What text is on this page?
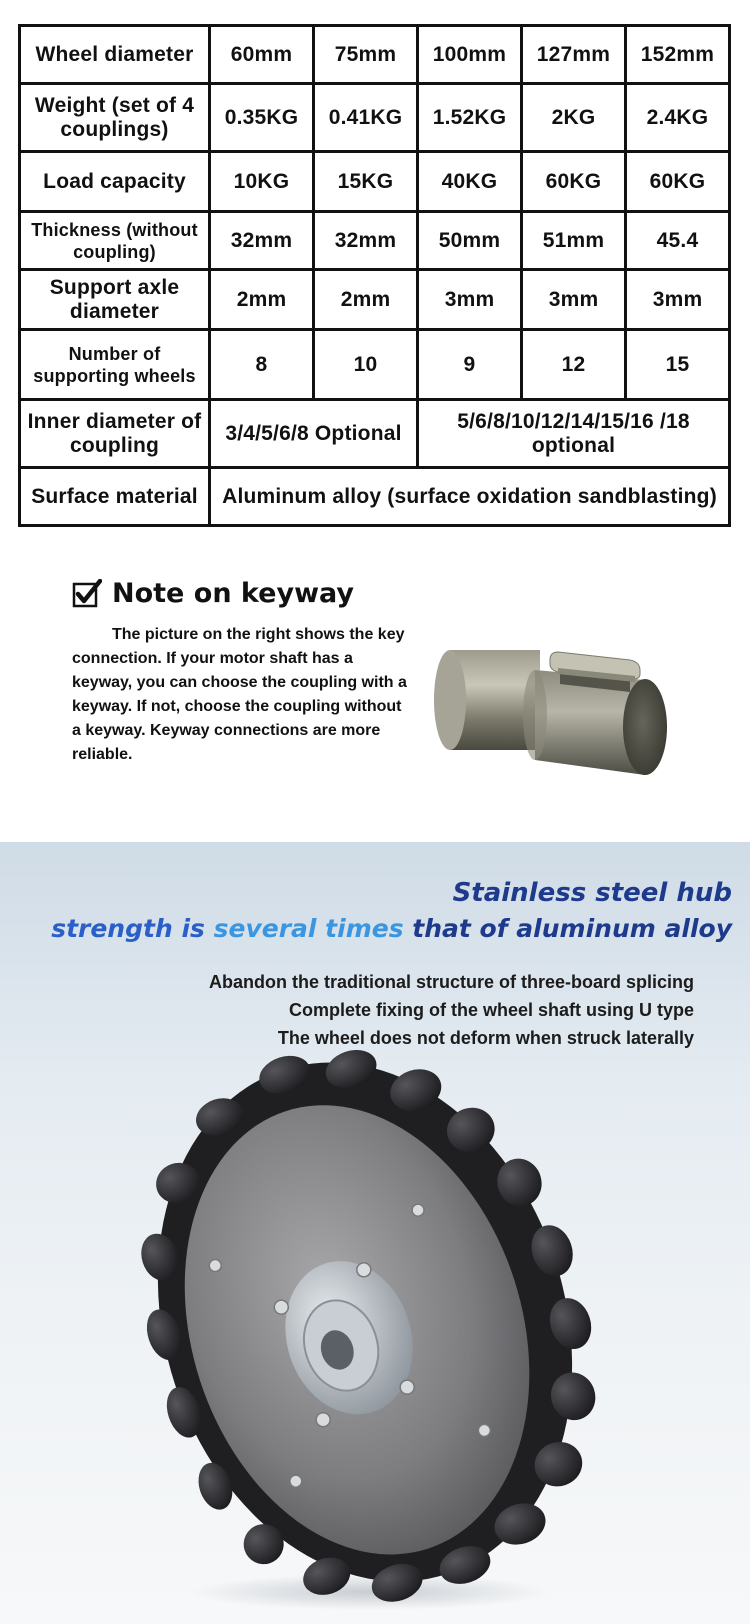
Wheel diameter	60mm	75mm	100mm	127mm	152mm
Weight (set of 4 couplings)	0.35KG	0.41KG	1.52KG	2KG	2.4KG
Load capacity	10KG	15KG	40KG	60KG	60KG
Thickness (without coupling)	32mm	32mm	50mm	51mm	45.4
Support axle diameter	2mm	2mm	3mm	3mm	3mm
Number of supporting wheels	8	10	9	12	15
Inner diameter of coupling	3/4/5/6/8 Optional		5/6/8/10/12/14/15/16 /18 optional		
Surface material	Aluminum alloy (surface oxidation sandblasting)				
Note on keyway

The picture on the right shows the key connection. If your motor shaft has a keyway, you can choose the coupling with a keyway. If not, choose the coupling without a keyway. Keyway connections are more reliable.

Stainless steel hub
strength is several times that of aluminum alloy
Abandon the traditional structure of three-board splicing
Complete fixing of the wheel shaft using U type
The wheel does not deform when struck laterally
